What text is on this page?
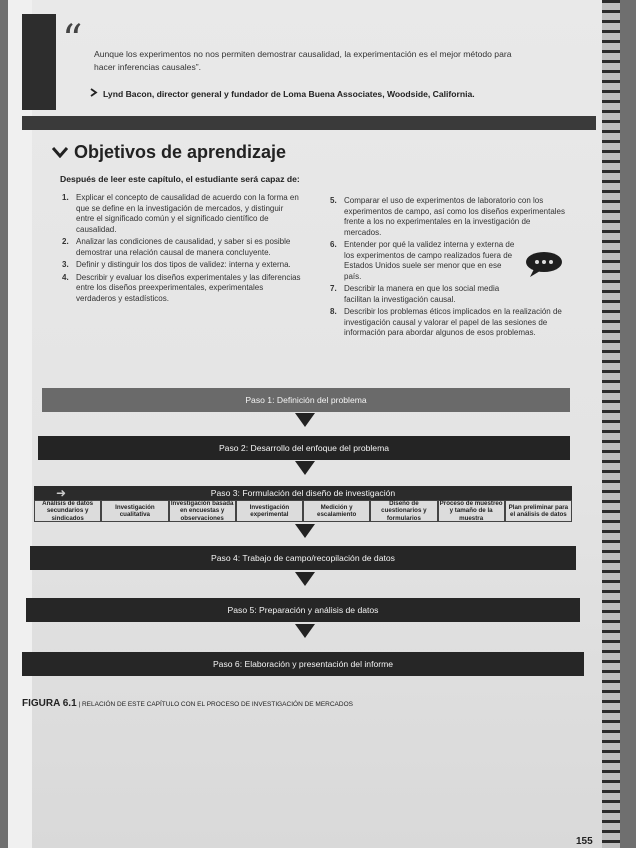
“ Aunque los experimentos no nos permiten demostrar causalidad, la experimentación es el mejor método para hacer inferencias causales”.
Lynd Bacon, director general y fundador de Loma Buena Associates, Woodside, California.
Objetivos de aprendizaje
Después de leer este capítulo, el estudiante será capaz de:
1. Explicar el concepto de causalidad de acuerdo con la forma en que se define en la investigación de mercados, y distinguir entre el significado común y el significado científico de causalidad.
2. Analizar las condiciones de causalidad, y saber si es posible demostrar una relación causal de manera concluyente.
3. Definir y distinguir los dos tipos de validez: interna y externa.
4. Describir y evaluar los diseños experimentales y las diferencias entre los diseños preexperimentales, experimentales verdaderos y estadísticos.
5. Comparar el uso de experimentos de laboratorio con los experimentos de campo, así como los diseños experimentales frente a los no experimentales en la investigación de mercados.
6. Entender por qué la validez interna y externa de los experimentos de campo realizados fuera de Estados Unidos suele ser menor que en ese país.
7. Describir la manera en que los social media facilitan la investigación causal.
8. Describir los problemas éticos implicados en la realización de investigación causal y valorar el papel de las sesiones de información para abordar algunos de esos problemas.
Paso 1: Definición del problema
Paso 2: Desarrollo del enfoque del problema
Paso 3: Formulación del diseño de investigación
➜
Análisis de datos secundarios y sindicados
Investigación cualitativa
Investigación basada en encuestas y observaciones
Investigación experimental
Medición y escalamiento
Diseño de cuestionarios y formularios
Proceso de muestreo y tamaño de la muestra
Plan preliminar para el análisis de datos
Paso 4: Trabajo de campo/recopilación de datos
Paso 5: Preparación y análisis de datos
Paso 6: Elaboración y presentación del informe
FIGURA 6.1 | RELACIÓN DE ESTE CAPÍTULO CON EL PROCESO DE INVESTIGACIÓN DE MERCADOS
155
